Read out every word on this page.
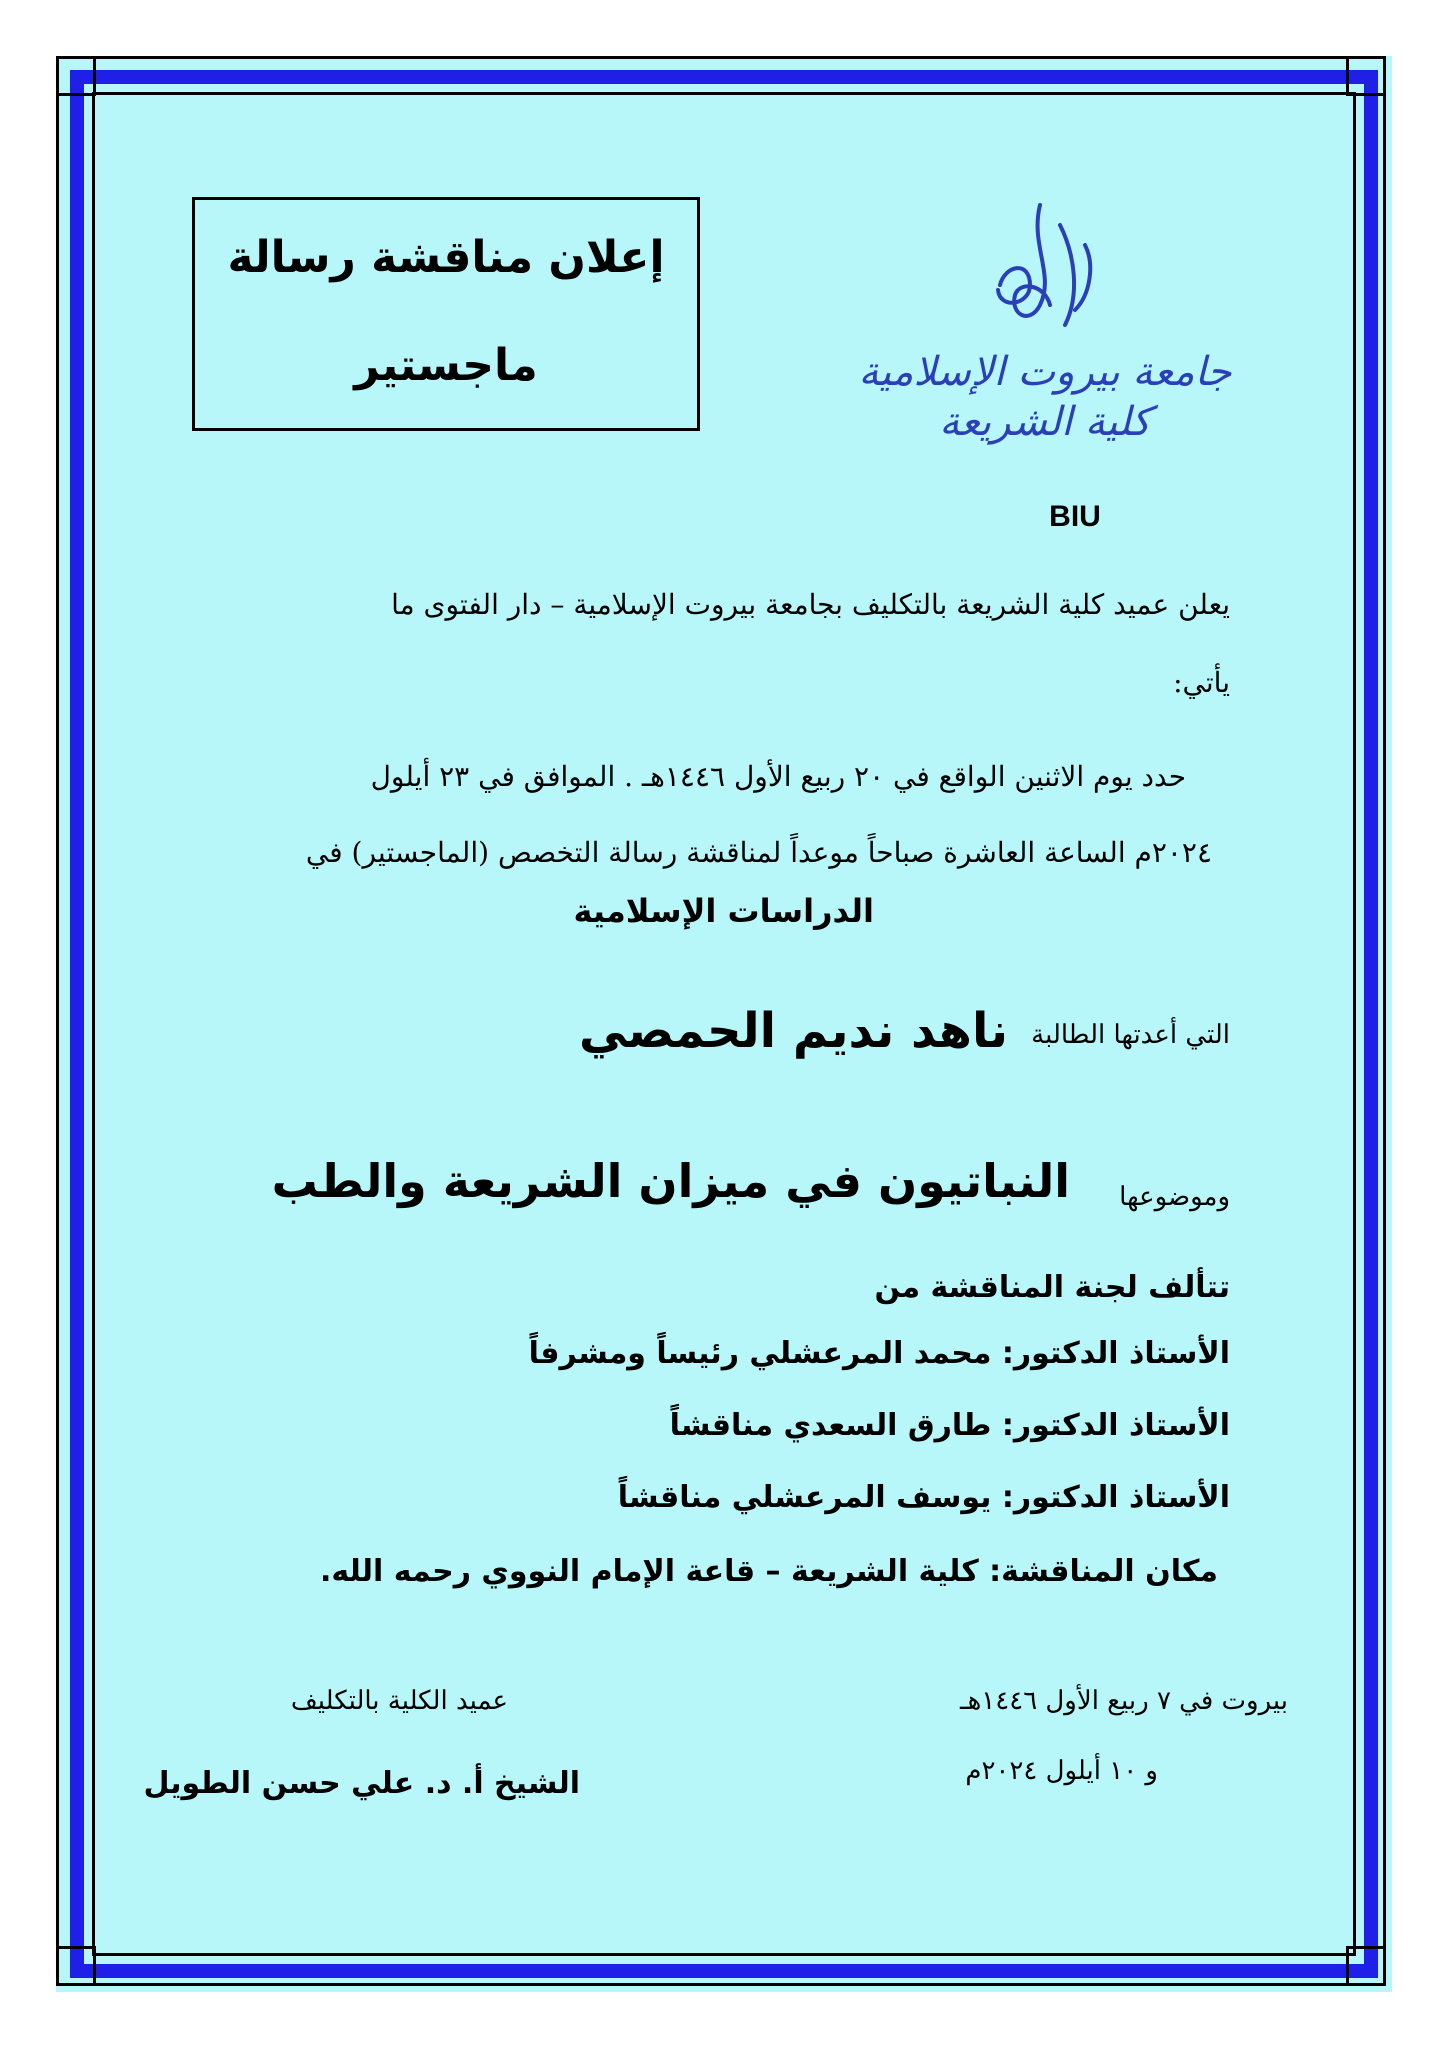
إعلان مناقشة رسالة
ماجستير	جامعة بيروت الإسلامية
كلية الشريعة
BIU
يعلن عميد كلية الشريعة بالتكليف بجامعة بيروت الإسلامية – دار الفتوى ما
يأتي:
حدد يوم الاثنين الواقع في ٢٠ ربيع الأول ١٤٤٦هـ . الموافق في ٢٣ أيلول
٢٠٢٤م الساعة العاشرة صباحاً موعداً لمناقشة رسالة التخصص (الماجستير) في
الدراسات الإسلامية
التي أعدتها الطالبة
ناهد نديم الحمصي
وموضوعها
النباتيون في ميزان الشريعة والطب
تتألف لجنة المناقشة من
الأستاذ الدكتور: محمد المرعشلي رئيساً ومشرفاً
الأستاذ الدكتور: طارق السعدي مناقشاً
الأستاذ الدكتور: يوسف المرعشلي مناقشاً
مكان المناقشة: كلية الشريعة – قاعة الإمام النووي رحمه الله.
بيروت في ٧ ربيع الأول ١٤٤٦هـ
و ١٠ أيلول ٢٠٢٤م
عميد الكلية بالتكليف
الشيخ أ. د. علي حسن الطويل
